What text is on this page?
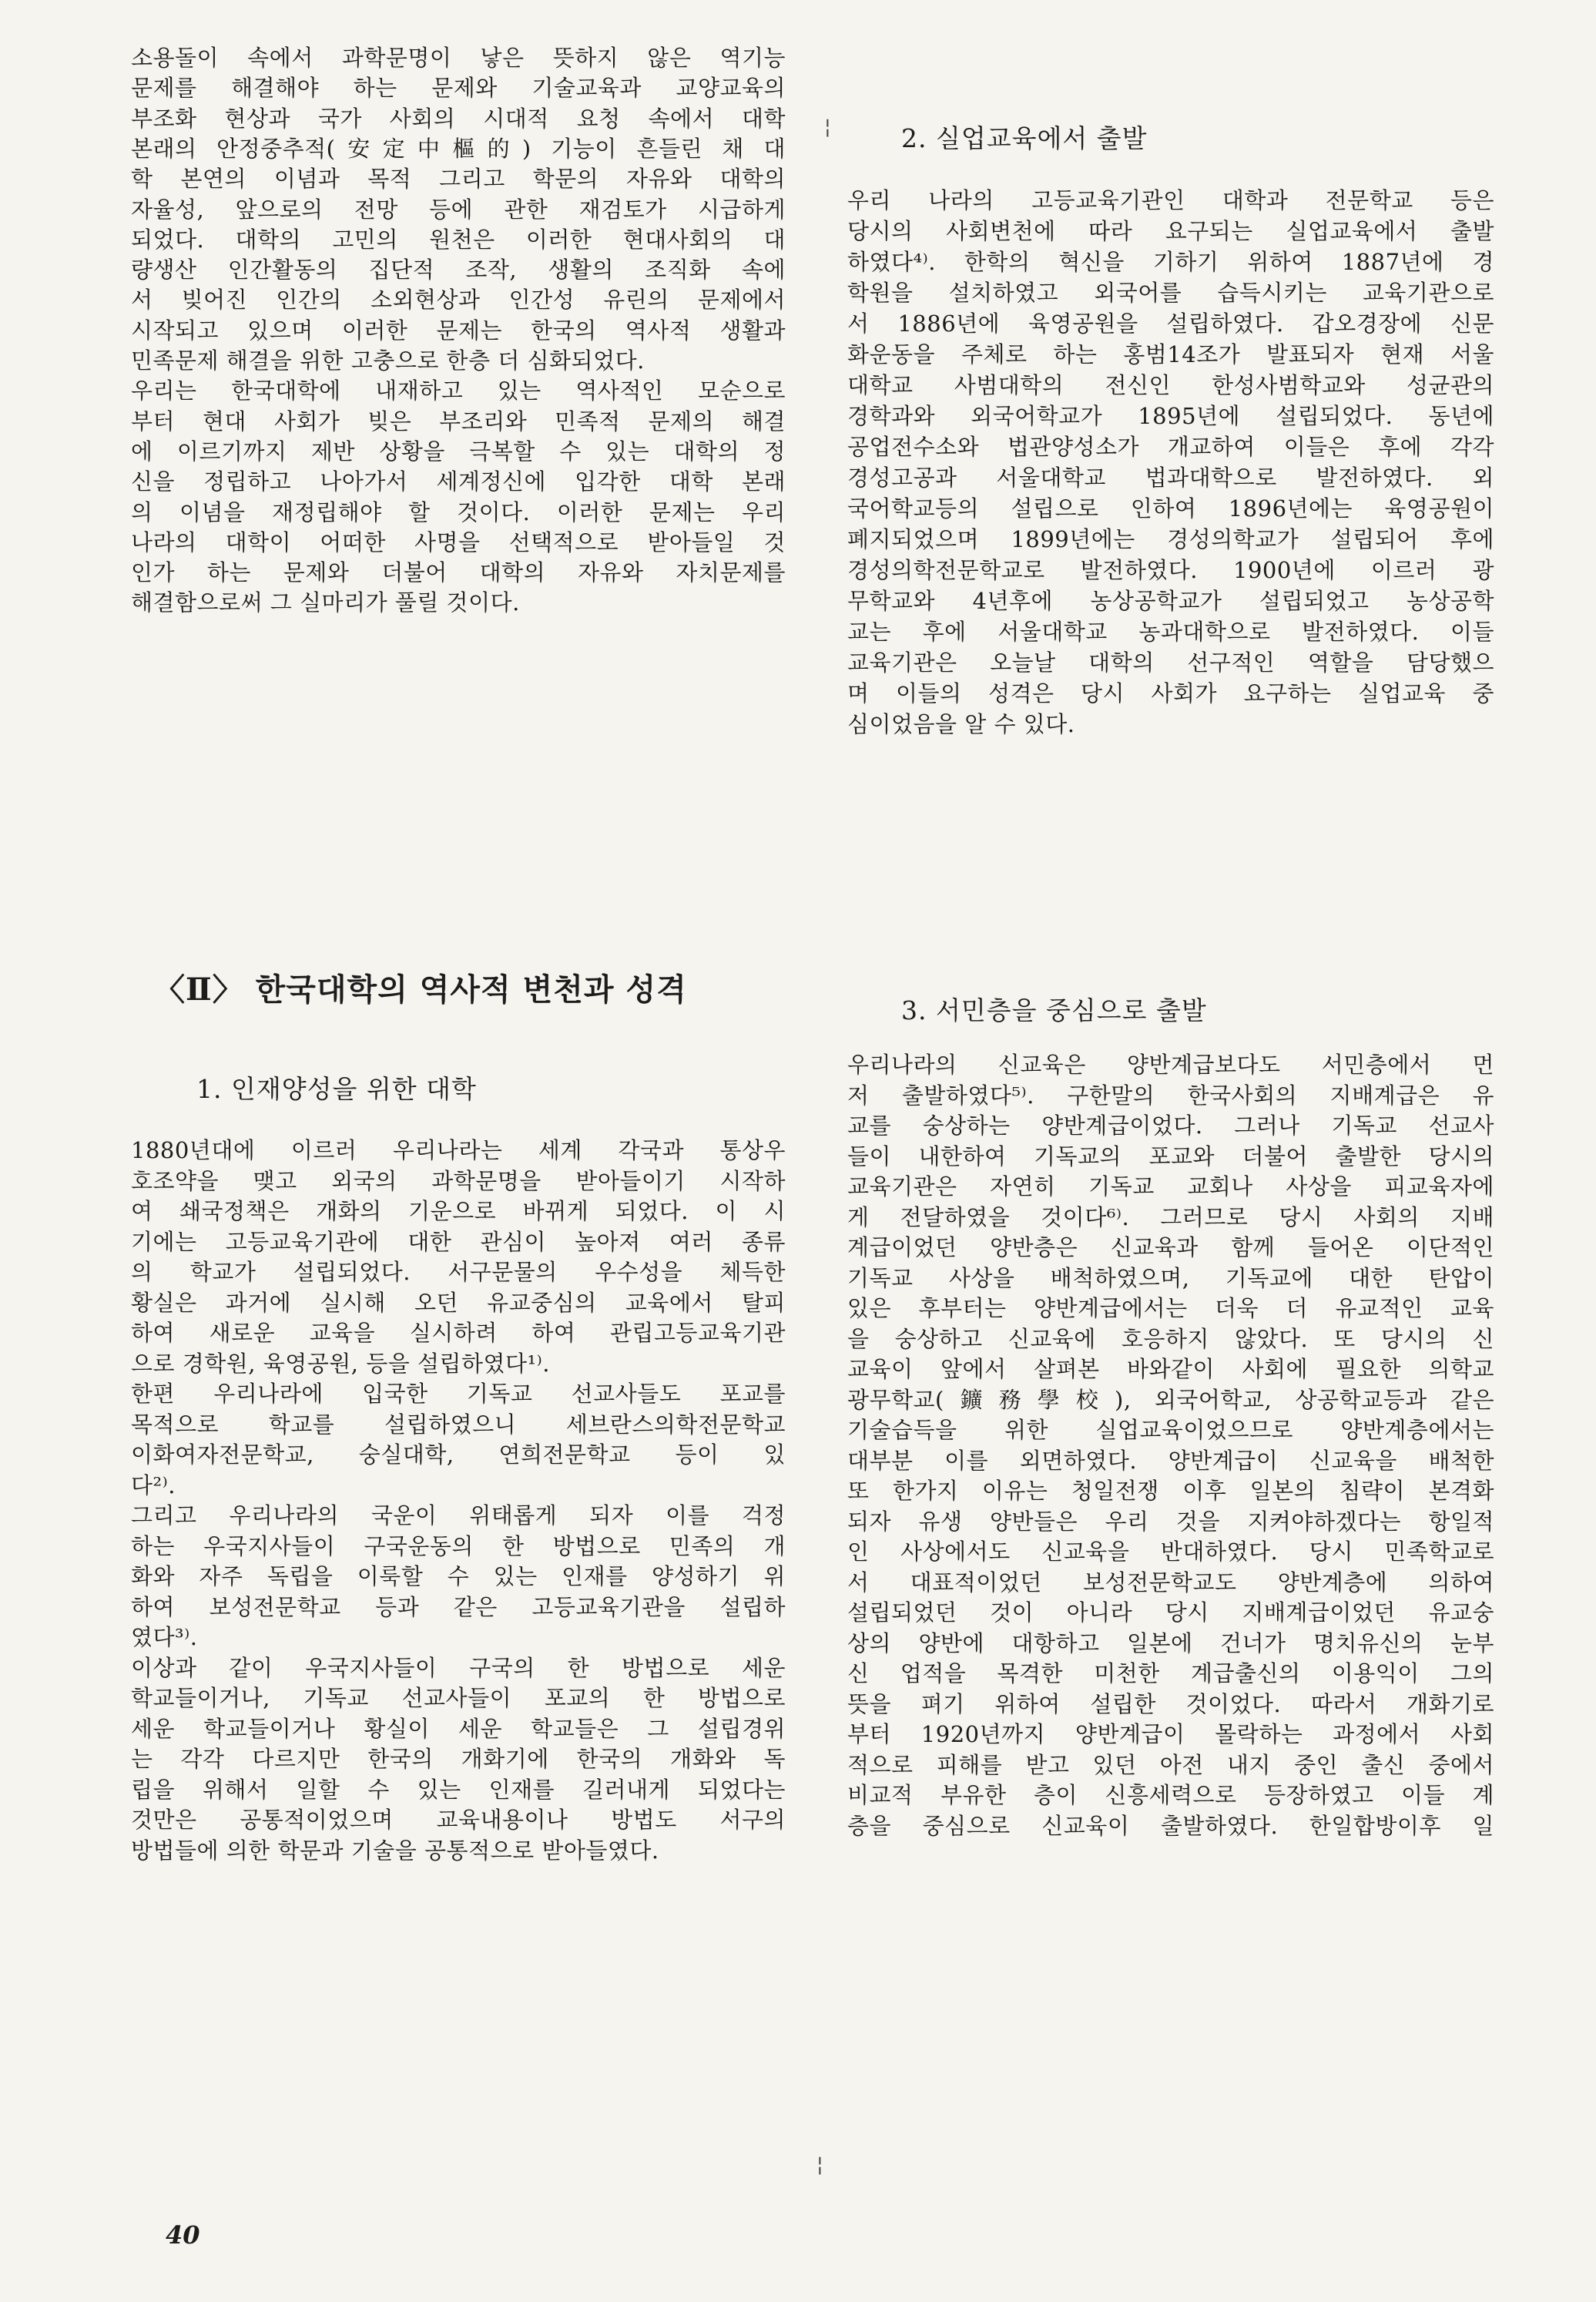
소용돌이 속에서 과학문명이 낳은 뜻하지 않은 역기능
문제를 해결해야 하는 문제와 기술교육과 교양교육의
부조화 현상과 국가 사회의 시대적 요청 속에서 대학
본래의 안정중추적(安定中樞的) 기능이 흔들린 채 대
학 본연의 이념과 목적 그리고 학문의 자유와 대학의
자율성, 앞으로의 전망 등에 관한 재검토가 시급하게
되었다. 대학의 고민의 원천은 이러한 현대사회의 대
량생산 인간활동의 집단적 조작, 생활의 조직화 속에
서 빚어진 인간의 소외현상과 인간성 유린의 문제에서
시작되고 있으며 이러한 문제는 한국의 역사적 생활과
민족문제 해결을 위한 고충으로 한층 더 심화되었다.
우리는 한국대학에 내재하고 있는 역사적인 모순으로
부터 현대 사회가 빚은 부조리와 민족적 문제의 해결
에 이르기까지 제반 상황을 극복할 수 있는 대학의 정
신을 정립하고 나아가서 세계정신에 입각한 대학 본래
의 이념을 재정립해야 할 것이다. 이러한 문제는 우리
나라의 대학이 어떠한 사명을 선택적으로 받아들일 것
인가 하는 문제와 더불어 대학의 자유와 자치문제를
해결함으로써 그 실마리가 풀릴 것이다.
〈Ⅱ〉 한국대학의 역사적 변천과 성격
1. 인재양성을 위한 대학
1880년대에 이르러 우리나라는 세계 각국과 통상우
호조약을 맺고 외국의 과학문명을 받아들이기 시작하
여 쇄국정책은 개화의 기운으로 바뀌게 되었다. 이 시
기에는 고등교육기관에 대한 관심이 높아져 여러 종류
의 학교가 설립되었다. 서구문물의 우수성을 체득한
황실은 과거에 실시해 오던 유교중심의 교육에서 탈피
하여 새로운 교육을 실시하려 하여 관립고등교육기관
으로 경학원, 육영공원, 등을 설립하였다¹⁾.
한편 우리나라에 입국한 기독교 선교사들도 포교를
목적으로 학교를 설립하였으니 세브란스의학전문학교
이화여자전문학교, 숭실대학, 연희전문학교 등이 있
다²⁾.
그리고 우리나라의 국운이 위태롭게 되자 이를 걱정
하는 우국지사들이 구국운동의 한 방법으로 민족의 개
화와 자주 독립을 이룩할 수 있는 인재를 양성하기 위
하여 보성전문학교 등과 같은 고등교육기관을 설립하
였다³⁾.
이상과 같이 우국지사들이 구국의 한 방법으로 세운
학교들이거나, 기독교 선교사들이 포교의 한 방법으로
세운 학교들이거나 황실이 세운 학교들은 그 설립경위
는 각각 다르지만 한국의 개화기에 한국의 개화와 독
립을 위해서 일할 수 있는 인재를 길러내게 되었다는
것만은 공통적이었으며 교육내용이나 방법도 서구의
방법들에 의한 학문과 기술을 공통적으로 받아들였다.
2. 실업교육에서 출발
우리 나라의 고등교육기관인 대학과 전문학교 등은
당시의 사회변천에 따라 요구되는 실업교육에서 출발
하였다⁴⁾. 한학의 혁신을 기하기 위하여 1887년에 경
학원을 설치하였고 외국어를 습득시키는 교육기관으로
서 1886년에 육영공원을 설립하였다. 갑오경장에 신문
화운동을 주체로 하는 홍범14조가 발표되자 현재 서울
대학교 사범대학의 전신인 한성사범학교와 성균관의
경학과와 외국어학교가 1895년에 설립되었다. 동년에
공업전수소와 법관양성소가 개교하여 이들은 후에 각각
경성고공과 서울대학교 법과대학으로 발전하였다. 외
국어학교등의 설립으로 인하여 1896년에는 육영공원이
폐지되었으며 1899년에는 경성의학교가 설립되어 후에
경성의학전문학교로 발전하였다. 1900년에 이르러 광
무학교와 4년후에 농상공학교가 설립되었고 농상공학
교는 후에 서울대학교 농과대학으로 발전하였다. 이들
교육기관은 오늘날 대학의 선구적인 역할을 담당했으
며 이들의 성격은 당시 사회가 요구하는 실업교육 중
심이었음을 알 수 있다.
3. 서민층을 중심으로 출발
우리나라의 신교육은 양반계급보다도 서민층에서 먼
저 출발하였다⁵⁾. 구한말의 한국사회의 지배계급은 유
교를 숭상하는 양반계급이었다. 그러나 기독교 선교사
들이 내한하여 기독교의 포교와 더불어 출발한 당시의
교육기관은 자연히 기독교 교회나 사상을 피교육자에
게 전달하였을 것이다⁶⁾. 그러므로 당시 사회의 지배
계급이었던 양반층은 신교육과 함께 들어온 이단적인
기독교 사상을 배척하였으며, 기독교에 대한 탄압이
있은 후부터는 양반계급에서는 더욱 더 유교적인 교육
을 숭상하고 신교육에 호응하지 않았다. 또 당시의 신
교육이 앞에서 살펴본 바와같이 사회에 필요한 의학교
광무학교(鑛務學校), 외국어학교, 상공학교등과 같은
기술습득을 위한 실업교육이었으므로 양반계층에서는
대부분 이를 외면하였다. 양반계급이 신교육을 배척한
또 한가지 이유는 청일전쟁 이후 일본의 침략이 본격화
되자 유생 양반들은 우리 것을 지켜야하겠다는 항일적
인 사상에서도 신교육을 반대하였다. 당시 민족학교로
서 대표적이었던 보성전문학교도 양반계층에 의하여
설립되었던 것이 아니라 당시 지배계급이었던 유교숭
상의 양반에 대항하고 일본에 건너가 명치유신의 눈부
신 업적을 목격한 미천한 계급출신의 이용익이 그의
뜻을 펴기 위하여 설립한 것이었다. 따라서 개화기로
부터 1920년까지 양반계급이 몰락하는 과정에서 사회
적으로 피해를 받고 있던 아전 내지 중인 출신 중에서
비교적 부유한 층이 신흥세력으로 등장하였고 이들 계
층을 중심으로 신교육이 출발하였다. 한일합방이후 일
40
¦
¦
